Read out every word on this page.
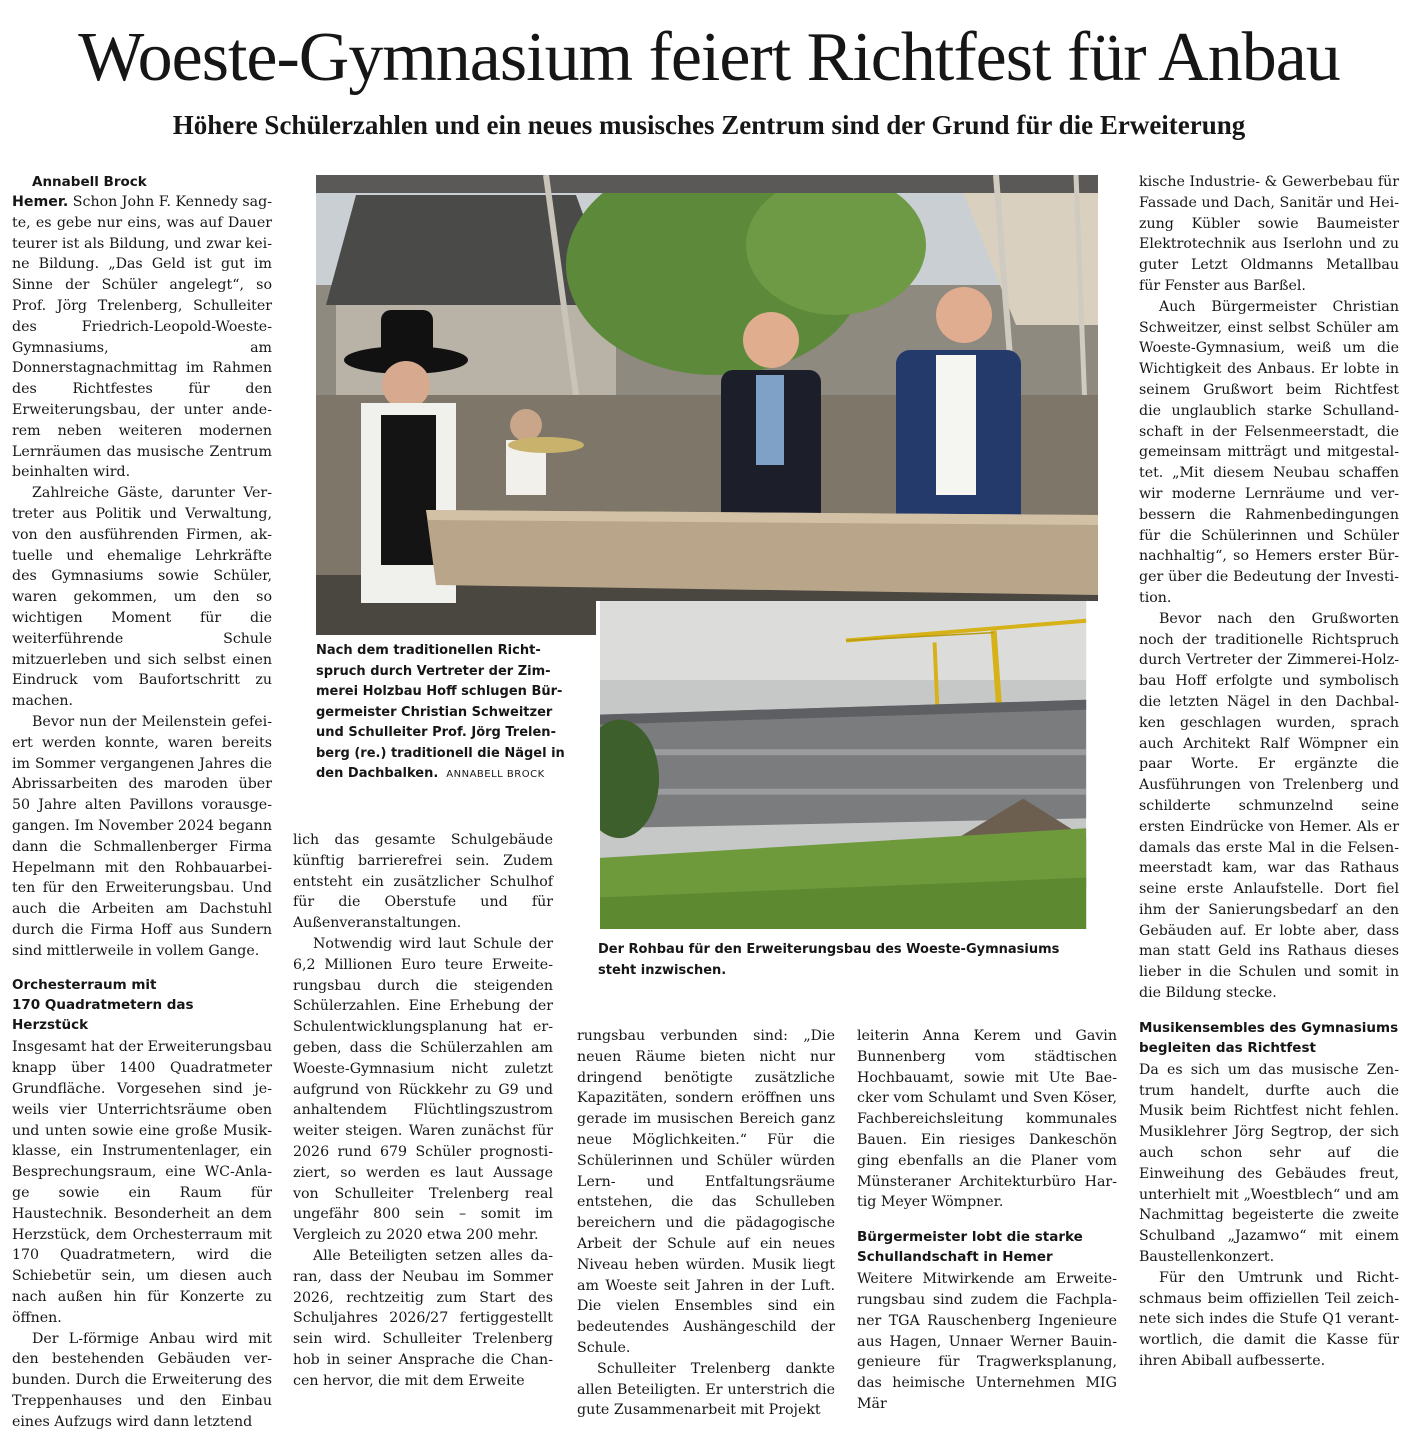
Woeste-Gymnasium feiert Richtfest für Anbau
Höhere Schülerzahlen und ein neues musisches Zentrum sind der Grund für die Erweiterung

Annabell Brock

Hemer. Schon John F. Kennedy sagte, es gebe nur eins, was auf Dauer teurer ist als Bildung, und zwar keine Bildung. „Das Geld ist gut im Sinne der Schüler angelegt“, so Prof. Jörg Trelenberg, Schulleiter des Friedrich-Leopold-Woeste-Gymnasiums, am Donnerstagnachmittag im Rahmen des Richtfestes für den Erweiterungsbau, der unter anderem neben weiteren modernen Lernräumen das musische Zentrum beinhalten wird.

Zahlreiche Gäste, darunter Vertreter aus Politik und Verwaltung, von den ausführenden Firmen, aktuelle und ehemalige Lehrkräfte des Gymnasiums sowie Schüler, waren gekommen, um den so wichtigen Moment für die weiterführende Schule mitzuerleben und sich selbst einen Eindruck vom Baufortschritt zu machen.

Bevor nun der Meilenstein gefeiert werden konnte, waren bereits im Sommer vergangenen Jahres die Abrissarbeiten des maroden über 50 Jahre alten Pavillons vorausgegangen. Im November 2024 begann dann die Schmallenberger Firma Hepelmann mit den Rohbauarbeiten für den Erweiterungsbau. Und auch die Arbeiten am Dachstuhl durch die Firma Hoff aus Sundern sind mittlerweile in vollem Gange.

Orchesterraum mit
170 Quadratmetern das Herzstück

Insgesamt hat der Erweiterungsbau knapp über 1400 Quadratmeter Grundfläche. Vorgesehen sind jeweils vier Unterrichtsräume oben und unten sowie eine große Musikklasse, ein Instrumentenlager, ein Besprechungsraum, eine WC-Anlage sowie ein Raum für Haustechnik. Besonderheit an dem Herzstück, dem Orchesterraum mit 170 Quadratmetern, wird die Schiebetür sein, um diesen auch nach außen hin für Konzerte zu öffnen.

Der L-förmige Anbau wird mit den bestehenden Gebäuden verbunden. Durch die Erweiterung des Treppenhauses und den Einbau eines Aufzugs wird dann letztend

lich das gesamte Schulgebäude künftig barrierefrei sein. Zudem entsteht ein zusätzlicher Schulhof für die Oberstufe und für Außenveranstaltungen.

Notwendig wird laut Schule der 6,2 Millionen Euro teure Erweiterungsbau durch die steigenden Schülerzahlen. Eine Erhebung der Schulentwicklungsplanung hat ergeben, dass die Schülerzahlen am Woeste-Gymnasium nicht zuletzt aufgrund von Rückkehr zu G9 und anhaltendem Flüchtlingszustrom weiter steigen. Waren zunächst für 2026 rund 679 Schüler prognostiziert, so werden es laut Aussage von Schulleiter Trelenberg real ungefähr 800 sein – somit im Vergleich zu 2020 etwa 200 mehr.

Alle Beteiligten setzen alles daran, dass der Neubau im Sommer 2026, rechtzeitig zum Start des Schuljahres 2026/27 fertiggestellt sein wird. Schulleiter Trelenberg hob in seiner Ansprache die Chancen hervor, die mit dem Erweite

rungsbau verbunden sind: „Die neuen Räume bieten nicht nur dringend benötigte zusätzliche Kapazitäten, sondern eröffnen uns gerade im musischen Bereich ganz neue Möglichkeiten.“ Für die Schülerinnen und Schüler würden Lern- und Entfaltungsräume entstehen, die das Schulleben bereichern und die pädagogische Arbeit der Schule auf ein neues Niveau heben würden. Musik liegt am Woeste seit Jahren in der Luft. Die vielen Ensembles sind ein bedeutendes Aushängeschild der Schule.

Schulleiter Trelenberg dankte allen Beteiligten. Er unterstrich die gute Zusammenarbeit mit Projekt

leiterin Anna Kerem und Gavin Bunnenberg vom städtischen Hochbauamt, sowie mit Ute Baecker vom Schulamt und Sven Köser, Fachbereichsleitung kommunales Bauen. Ein riesiges Dankeschön ging ebenfalls an die Planer vom Münsteraner Architekturbüro Hartig Meyer Wömpner.

Bürgermeister lobt die starke
Schullandschaft in Hemer

Weitere Mitwirkende am Erweiterungsbau sind zudem die Fachplaner TGA Rauschenberg Ingenieure aus Hagen, Unnaer Werner Bauingenieure für Tragwerksplanung, das heimische Unternehmen MIG Mär

kische Industrie- & Gewerbebau für Fassade und Dach, Sanitär und Heizung Kübler sowie Baumeister Elektrotechnik aus Iserlohn und zu guter Letzt Oldmanns Metallbau für Fenster aus Barßel.

Auch Bürgermeister Christian Schweitzer, einst selbst Schüler am Woeste-Gymnasium, weiß um die Wichtigkeit des Anbaus. Er lobte in seinem Grußwort beim Richtfest die unglaublich starke Schullandschaft in der Felsenmeerstadt, die gemeinsam mitträgt und mitgestaltet. „Mit diesem Neubau schaffen wir moderne Lernräume und verbessern die Rahmenbedingungen für die Schülerinnen und Schüler nachhaltig“, so Hemers erster Bürger über die Bedeutung der Investition.

Bevor nach den Grußworten noch der traditionelle Richtspruch durch Vertreter der Zimmerei-Holzbau Hoff erfolgte und symbolisch die letzten Nägel in den Dachbalken geschlagen wurden, sprach auch Architekt Ralf Wömpner ein paar Worte. Er ergänzte die Ausführungen von Trelenberg und schilderte schmunzelnd seine ersten Eindrücke von Hemer. Als er damals das erste Mal in die Felsenmeerstadt kam, war das Rathaus seine erste Anlaufstelle. Dort fiel ihm der Sanierungsbedarf an den Gebäuden auf. Er lobte aber, dass man statt Geld ins Rathaus dieses lieber in die Schulen und somit in die Bildung stecke.

Musikensembles des Gymnasiums
begleiten das Richtfest

Da es sich um das musische Zentrum handelt, durfte auch die Musik beim Richtfest nicht fehlen. Musiklehrer Jörg Segtrop, der sich auch schon sehr auf die Einweihung des Gebäudes freut, unterhielt mit „Woestblech“ und am Nachmittag begeisterte die zweite Schulband „Jazamwo“ mit einem Baustellenkonzert.

Für den Umtrunk und Richtschmaus beim offiziellen Teil zeichnete sich indes die Stufe Q1 verantwortlich, die damit die Kasse für ihren Abiball aufbesserte.

Nach dem traditionellen Richtspruch durch Vertreter der Zimmerei Holzbau Hoff schlugen Bürgermeister Christian Schweitzer und Schulleiter Prof. Jörg Trelenberg (re.) traditionell die Nägel in den Dachbalken. ANNABELL BROCK
Der Rohbau für den Erweiterungsbau des Woeste-Gymnasiums steht inzwischen.
